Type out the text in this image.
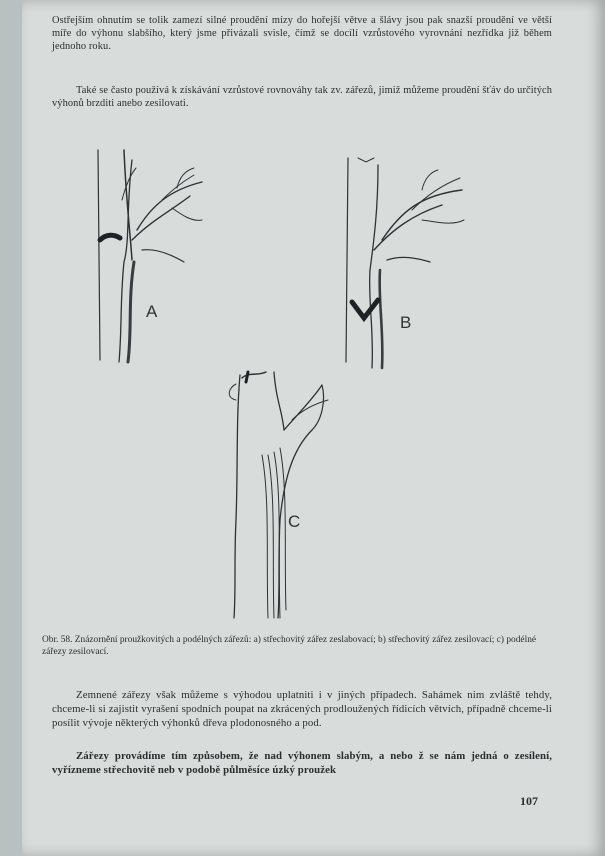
Ostřejším ohnutím se tolik zamezí silné proudění mízy do hořejší větve a šlávy jsou pak snazší proudění ve větší míře do výhonu slabšího, který jsme přivázali svisle, čímž se docílí vzrůstového vyrovnání nezřídka již během jednoho roku.

Také se často používá k získávání vzrůstové rovnováhy tak zv. zářezů, jimiž můžeme proudění šťáv do určitých výhonů brzditi anebo zesilovati.

A
B
C

Obr. 58. Znázornění proužkovitých a podélných zářezů: a) střechovitý zářez zeslabovací; b) střechovitý zářez zesilovací; c) podélné zářezy zesilovací.

Zemnené zářezy však můžeme s výhodou uplatniti i v jiných případech. Sahámek nim zvláště tehdy, chceme-li si zajistit vyrašení spodních poupat na zkrácených prodloužených řídicích větvích, případně chceme-li posílit vývoje některých výhonků dřeva plodonosného a pod.

Zářezy provádíme tím způsobem, že nad výhonem slabým, a nebo ž se nám jedná o zesílení, vyřízneme střechovitě neb v podobě půlměsíce úzký proužek

107
